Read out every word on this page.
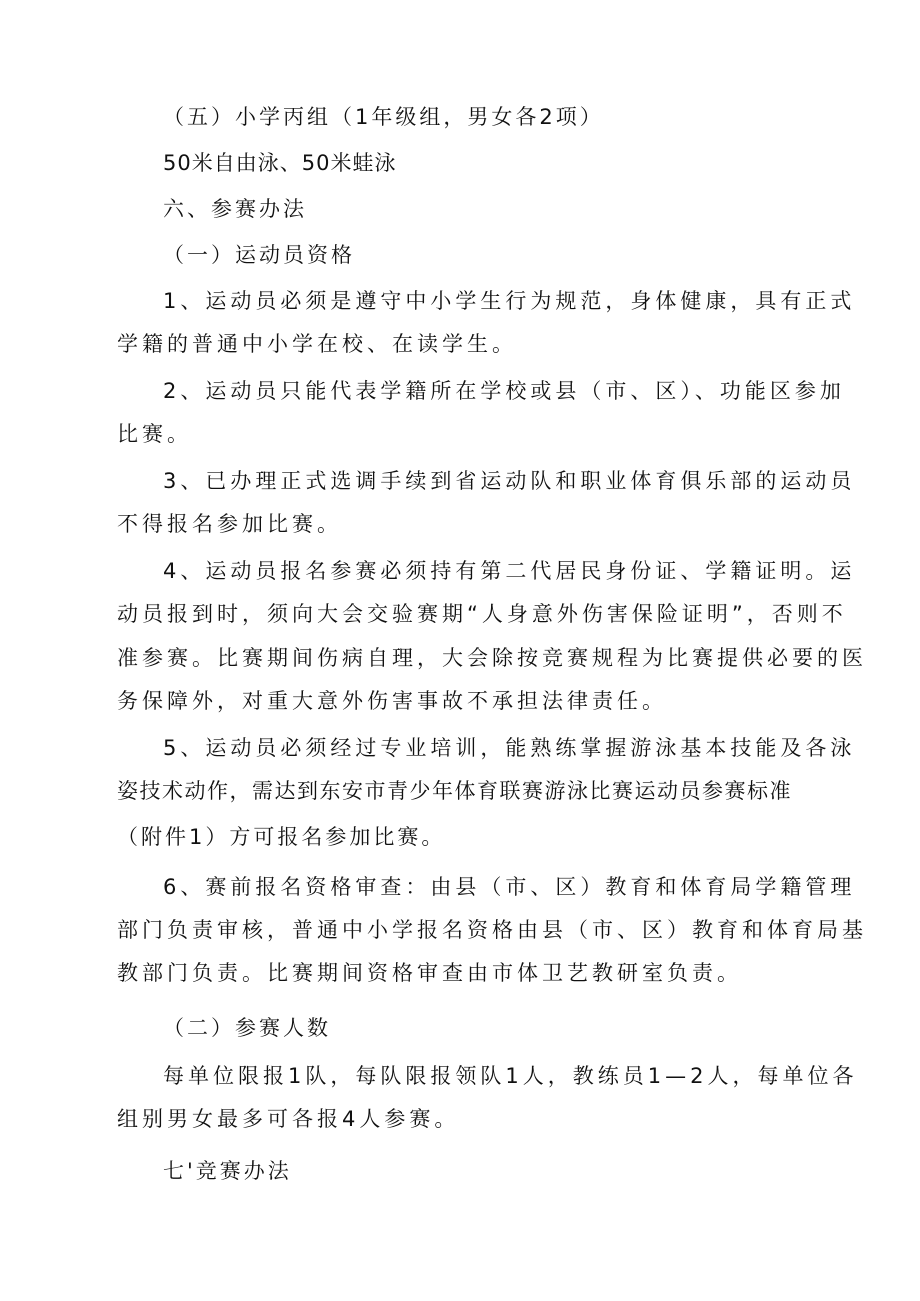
（五）小学丙组（1年级组，男女各2项）

50米自由泳、50米蛙泳

六、参赛办法

（一）运动员资格

1、运动员必须是遵守中小学生行为规范，身体健康，具有正式

学籍的普通中小学在校、在读学生。

2、运动员只能代表学籍所在学校或县（市、区）、功能区参加

比赛。

3、已办理正式选调手续到省运动队和职业体育俱乐部的运动员

不得报名参加比赛。

4、运动员报名参赛必须持有第二代居民身份证、学籍证明。运

动员报到时，须向大会交验赛期“人身意外伤害保险证明”，否则不

准参赛。比赛期间伤病自理，大会除按竞赛规程为比赛提供必要的医

务保障外，对重大意外伤害事故不承担法律责任。

5、运动员必须经过专业培训，能熟练掌握游泳基本技能及各泳

姿技术动作，需达到东安市青少年体育联赛游泳比赛运动员参赛标准

（附件1）方可报名参加比赛。

6、赛前报名资格审查：由县（市、区）教育和体育局学籍管理

部门负责审核，普通中小学报名资格由县（市、区）教育和体育局基

教部门负责。比赛期间资格审查由市体卫艺教研室负责。

（二）参赛人数

每单位限报1队，每队限报领队1人，教练员1—2人，每单位各

组别男女最多可各报4人参赛。

七'竞赛办法
